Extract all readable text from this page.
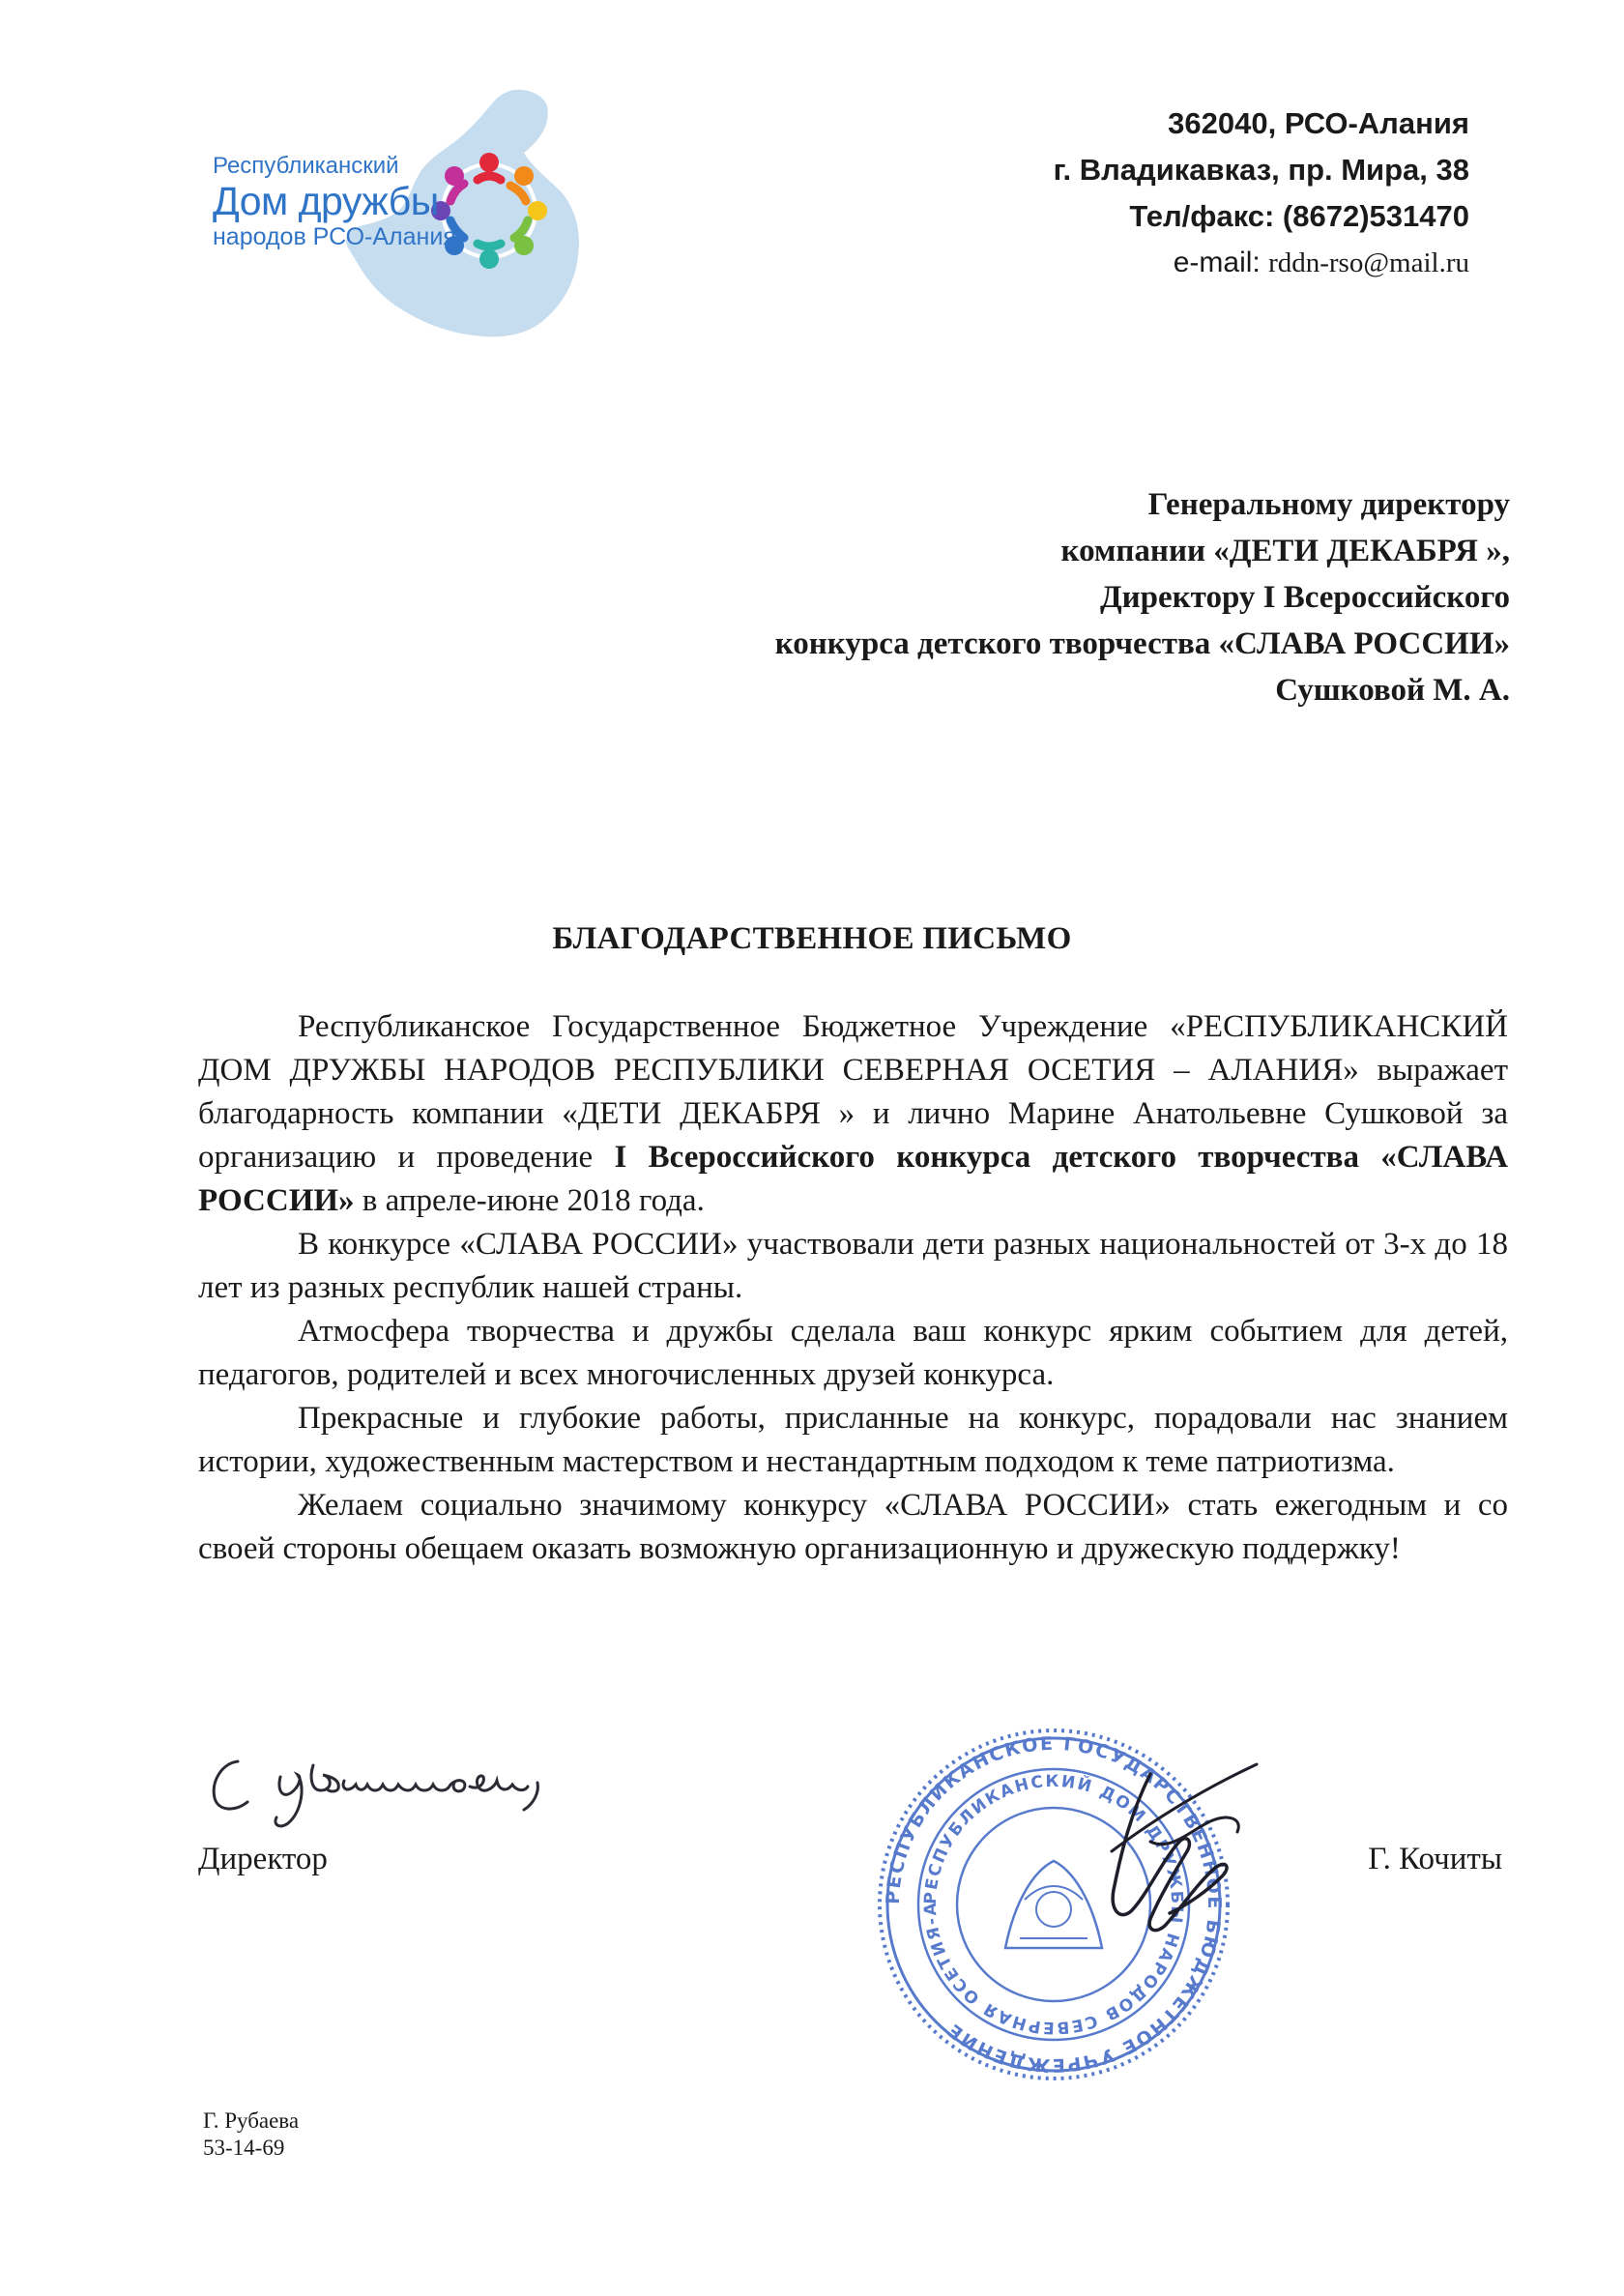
Республиканский
Дом дружбы
народов РСО-Алания
362040, РСО-Алания
г. Владикавказ, пр. Мира, 38
Тел/факс: (8672)531470
e-mail: rddn-rso@mail.ru
Генеральному директору
компании «ДЕТИ ДЕКАБРЯ »,
Директору I Всероссийского
конкурса детского творчества «СЛАВА РОССИИ»
Сушковой М. А.
БЛАГОДАРСТВЕННОЕ ПИСЬМО

Республиканское Государственное Бюджетное Учреждение «РЕСПУБЛИКАНСКИЙ ДОМ ДРУЖБЫ НАРОДОВ РЕСПУБЛИКИ СЕВЕРНАЯ ОСЕТИЯ – АЛАНИЯ» выражает благодарность компании «ДЕТИ ДЕКАБРЯ » и лично Марине Анатольевне Сушковой за организацию и проведение I Всероссийского конкурса детского творчества «СЛАВА РОССИИ» в апреле-июне 2018 года.

В конкурсе «СЛАВА РОССИИ» участвовали дети разных национальностей от 3-х до 18 лет из разных республик нашей страны.

Атмосфера творчества и дружбы сделала ваш конкурс ярким событием для детей, педагогов, родителей и всех многочисленных друзей конкурса.

Прекрасные и глубокие работы, присланные на конкурс, порадовали нас знанием истории, художественным мастерством и нестандартным подходом к теме патриотизма.

Желаем социально значимому конкурсу «СЛАВА РОССИИ» стать ежегодным и со своей стороны обещаем оказать возможную организационную и дружескую поддержку!

Директор	Г. Кочиты
РЕСПУБЛИКАНСКОЕ ГОСУДАРСТВЕННОЕ БЮДЖЕТНОЕ УЧРЕЖДЕНИЕ
РЕСПУБЛИКАНСКИЙ ДОМ ДРУЖБЫ НАРОДОВ СЕВЕРНАЯ ОСЕТИЯ-А
Г. Рубаева
53-14-69
